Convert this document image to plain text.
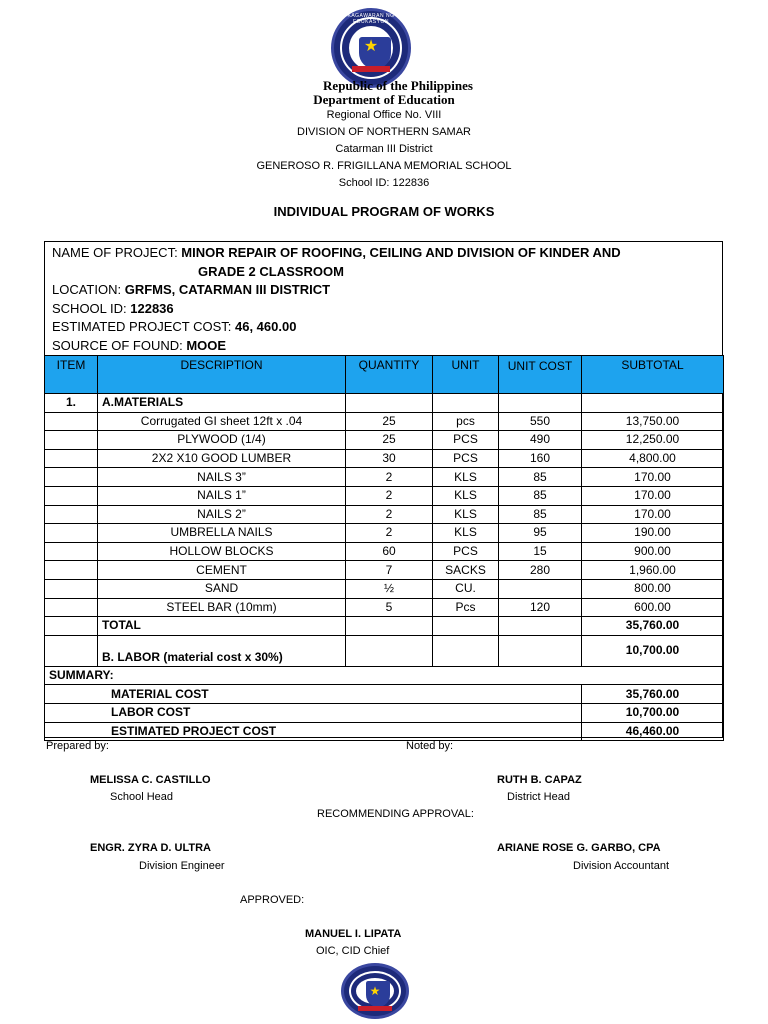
KAGAWARAN NG EDUKASYON
★
Republic of the Philippines
Department of Education
Regional Office No. VIII
DIVISION OF NORTHERN SAMAR
Catarman III District
GENEROSO R. FRIGILLANA MEMORIAL SCHOOL
School ID: 122836
INDIVIDUAL PROGRAM OF WORKS
NAME OF PROJECT: MINOR REPAIR OF ROOFING, CEILING AND DIVISION OF KINDER AND
GRADE 2 CLASSROOM
LOCATION: GRFMS, CATARMAN III DISTRICT
SCHOOL ID: 122836
ESTIMATED PROJECT COST: 46, 460.00
SOURCE OF FOUND: MOOE
ITEM	DESCRIPTION	QUANTITY	UNIT	UNIT COST	SUBTOTAL
1.	A.MATERIALS				
	Corrugated GI sheet 12ft x .04	25	pcs	550	13,750.00
	PLYWOOD (1/4)	25	PCS	490	12,250.00
	2X2 X10 GOOD LUMBER	30	PCS	160	4,800.00
	NAILS 3”	2	KLS	85	170.00
	NAILS 1”	2	KLS	85	170.00
	NAILS 2”	2	KLS	85	170.00
	UMBRELLA NAILS	2	KLS	95	190.00
	HOLLOW BLOCKS	60	PCS	15	900.00
	CEMENT	7	SACKS	280	1,960.00
	SAND	½	CU.		800.00
	STEEL BAR (10mm)	5	Pcs	120	600.00
	TOTAL				35,760.00
	B. LABOR (material cost x 30%)				10,700.00
SUMMARY:					
MATERIAL COST					35,760.00
LABOR COST					10,700.00
ESTIMATED PROJECT COST					46,460.00
Prepared by:	Noted by:
MELISSA C. CASTILLO
School Head
RUTH B. CAPAZ
District Head
RECOMMENDING APPROVAL:
ENGR. ZYRA D. ULTRA
Division Engineer
ARIANE ROSE G. GARBO, CPA
Division Accountant
APPROVED:
MANUEL I. LIPATA
OIC, CID Chief
★
